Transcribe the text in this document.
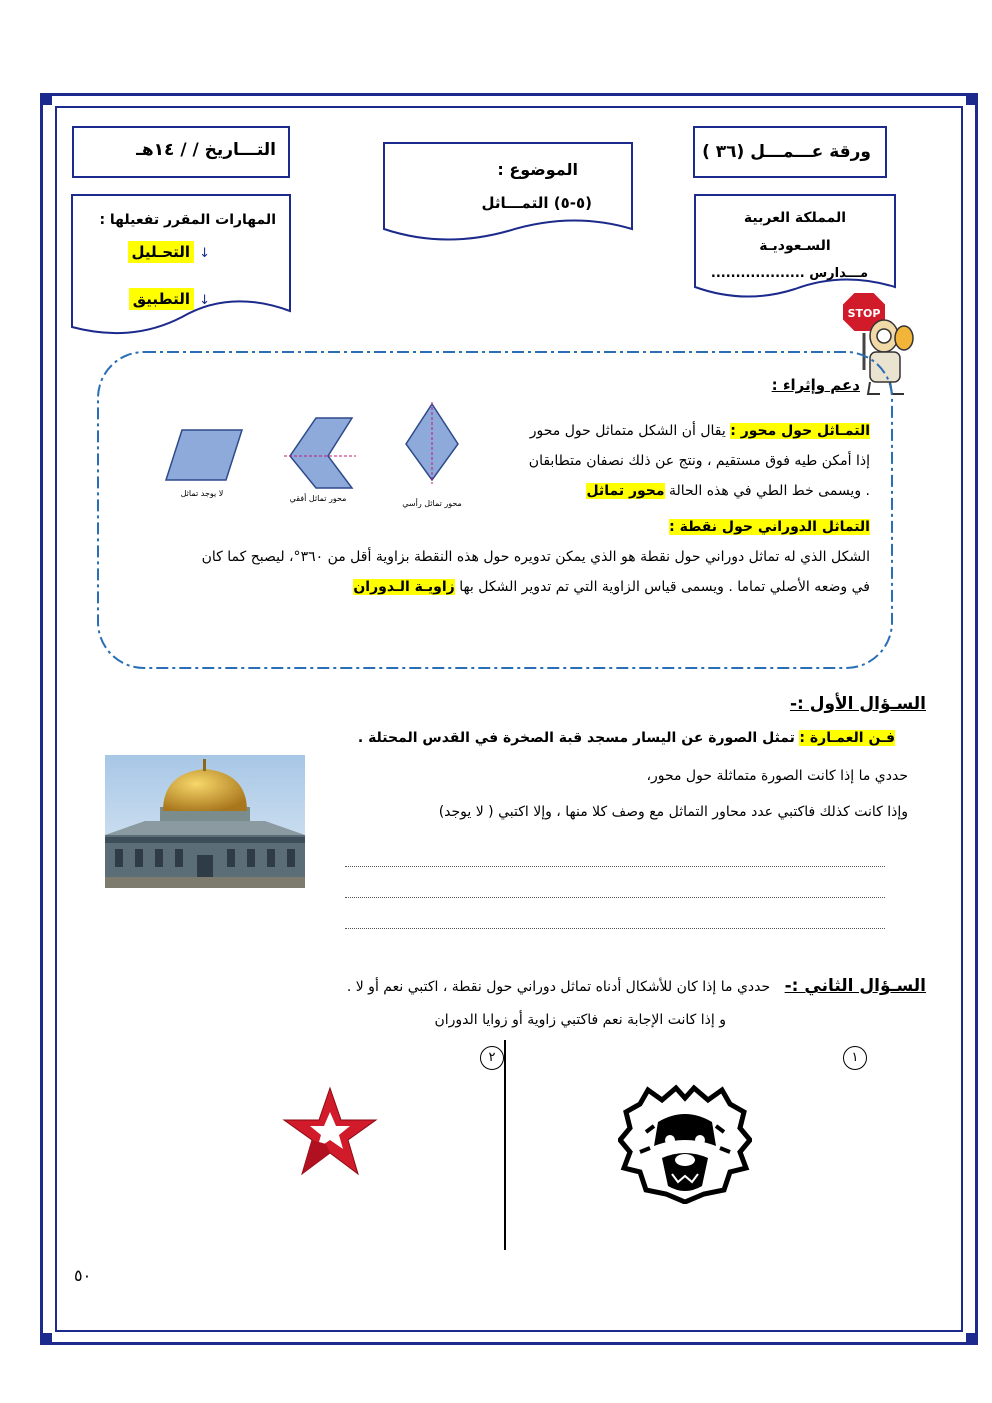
التـــاريخ / / ١٤هـ
الموضوع :
(٥-٥) التمـــاثل
ورقة عـــمـــل (٣٦ )
المملكة العربية
السـعوديـة
مـــدارس ...................
المهارات المقرر تفعيلها :
↓ التحـليل
↓ التطبيق
STOP
دعم وإثراء :
التمـاثل حول محور : يقال أن الشكل متماثل حول محور
إذا أمكن طيه فوق مستقيم ، ونتج عن ذلك نصفان متطابقان
. ويسمى خط الطي في هذه الحالة محور تماثل
محور تماثل رأسي
محور تماثل أفقي
لا يوجد تماثل
التماثل الدوراني حول نقطة :
الشكل الذي له تماثل دوراني حول نقطة هو الذي يمكن تدويره حول هذه النقطة بزاوية أقل من ٣٦٠°، ليصبح كما كان
في وضعه الأصلي تماما . ويسمى قياس الزاوية التي تم تدوير الشكل بها زاويـة الـدوران
السـؤال الأول :-
فـن العمـارة : تمثل الصورة عن اليسار مسجد قبة الصخرة في القدس المحتلة .
حددي ما إذا كانت الصورة متماثلة حول محور،
وإذا كانت كذلك فاكتبي عدد محاور التماثل مع وصف كلا منها ، وإلا اكتبي ( لا يوجد)
السـؤال الثاني :- حددي ما إذا كان للأشكال أدناه تماثل دوراني حول نقطة ، اكتبي نعم أو لا .
و إذا كانت الإجابة نعم فاكتبي زاوية أو زوايا الدوران
١
٢
٥٠
